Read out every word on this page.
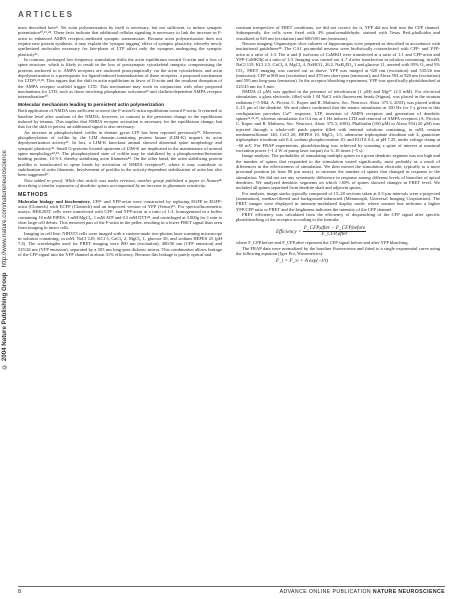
ARTICLES
© 2004 Nature Publishing Group   http://www.nature.com/natureneuroscience

nism described here⁴. Yet actin polymerization by itself is necessary, but not sufficient, to induce synaptic potentiation¹⁰,¹⁵,²⁴. These facts indicate that additional cellular signaling is necessary to link the increase in F-actin to enhanced AMPA receptor–mediated synaptic transmission. Because actin polymerization does not require new protein synthesis, it may explain the 'synapse tagging' effect of synaptic plasticity, whereby newly synthesized molecules necessary for late-phase of LTP affect only the synapses undergoing the synaptic plasticity³⁶.

In contrast, prolonged low-frequency stimulation shifts the actin equilibrium toward G-actin and a loss of spine structure, which is likely to result in the loss of postsynaptic cytoskeletal integrity, compromising the proteins anchored to it. AMPA receptors are anchored postsynaptically via the actin cytoskeleton, and actin depolymerization is a prerequisite for ligand-induced internalization of these receptors, a proposed mechanism for LTD²⁹,²¹,³⁸. This argues that the shift in actin equilibrium in favor of G-actin and the resultant disruption of the AMPA receptor scaffold trigger LTD. This mechanism may work in conjunction with other proposed mechanisms for LTD, such as those involving phosphatase activation³⁹ and clathrin-dependent AMPA receptor internalization⁴⁰.

Molecular mechanism leading to persistent actin polymerization

Both application of NMDA was sufficient to move the F-actin/G-actin equilibrium toward F-actin. It returned to baseline level after washout of the NMDA, however, in contrast to the persistent change in the equilibrium induced by tetanus. This implies that NMDA receptor activation is necessary for the equilibrium change, but that for the shift to persist, an additional signal is also necessary.

An increase in phosphorylated cofilin in dentate gyrus LTP has been reported previously¹⁸. Moreover, phosphorylation of cofilin by the LIM domain–containing protein kinase (LIM-K) impairs its actin depolymerization activity²¹. In fact, a LIM-K knockout animal showed abnormal spine morphology and synaptic plasticity⁴¹. Small G-proteins located upstream of LIM-K are implicated in the maintenance of normal spine morphology⁴²,⁴³. The phosphorylated state of cofilin may be stabilized by a phosphoserine/threonine binding protein, 14-3-3, thereby stabilizing actin filaments⁴⁴. On the other hand, the actin stabilizing protein profilin is translocated to spine heads by activation of NMDA receptors⁴⁵, where it may contribute to stabilization of actin filaments. Involvement of profilin in the activity-dependent stabilization of actin has also been suggested¹⁷.

Note added in proof: While this article was under revision, another group published a paper in Nature⁴⁶ describing a similar expansion of dendritic spines accompanied by an increase in glutamate sensitivity.

METHODS

Molecular biology and biochemistry. CFP- and YFP-actin were constructed by replacing EGFP in EGFP-actin (Clontech) with ECFP (Clontech) and an improved version of YFP (Venus)⁴⁷. For spectrofluorometric assays, HEK293T cells were transfected with CFP- and YFP-actin at a ratio of 1:3, homogenized in a buffer containing 10 mM PIPES, 1 mM MgCl₂, 1 mM ATP and 0.5 mM DTT⁴⁸, and centrifuged at 3,000g for 1 min to clear large cell debris. This removed part of the F-actin in the pellet, resulting in a lower FRET signal than seen from imaging in intact cells.

Imaging in cell line. NIH3T3 cells were imaged with a custom-made two-photon laser scanning microscope in solution containing, in mM, NaCl 129, KCl 5, CaCl₂ 2, MgCl₂ 1, glucose 30, and sodium HEPES 25 (pH 7.4). The wavelengths used for FRET imaging were 800 nm (excitation), 480/30 nm (CFP emission) and 535/26 nm (YFP emission), separated by a 505 nm long-pass dichroic mirror. This combination allows leakage of the CFP signal into the YFP channel at about 31% efficiency. Because this leakage is purely optical and

constant irrespective of FRET conditions, we did not correct for it. YFP did not leak into the CFP channel. Subsequently, the cells were fixed with 4% paraformaldehyde, stained with Texas Red–phalloidin and visualized at 920 nm (excitation) and 600/100 nm (emission).

Neuron imaging. Organotypic slice cultures of hippocampus were prepared as described in accordance with institutional guidelines⁴⁸. The CA1 pyramidal neurons were biolistically cotransfected with CFP- and YFP-actin at a ratio of 1:3. The α and β isoforms of CaMKII were transfected at a ratio of 1:1 and CFP-actin and YFP-CaMKIIβ at a ratio of 1:3. Imaging was carried out 4–7 d after transfection in solution containing, in mM, NaCl 119, KCl 2.5, CaCl₂ 4, MgCl₂ 4, NaHCO₃ 26.2, NaH₂PO₄ 1 and glucose 11, aerated with 95% O₂ and 5% CO₂. FRET imaging was carried out as above. YFP was imaged at 920 nm (excitation) and 535/26 nm (emission); CFP at 800 nm (excitation) and 470 nm short-pass (emission); and Alexa 594 at 920 nm (excitation) and 595 nm long-pass (emission). In the acceptor bleaching experiment, YFP was specifically photobleached at 525/45 nm for 3 min.

NMDA (2 μM) was applied in the presence of tetrodotoxin (1 μM) and Mg²⁺ (2.5 mM). For electrical stimulation, a glass electrode, filled with 1 M NaCl with fluorescent beads (Sigma), was placed in the stratum radiatum (~5 MΩ; A. Piccini, C. Kopec and R. Malinow, Soc. Neurosci. Abstr. 375.3, 2003), was placed within 5–15 μm of the dendrite. We and others confirmed that the tetanic stimulation at 100 Hz for 1 s given in this configuration provokes Ca²⁺ response, LTP, insertion of AMPA receptors and generation of dendritic spines¹³,²⁵,⁴⁹, whereas stimulation for 0.4 ms at 1 Hz induces LTD and removal of AMPA receptors (A. Piccini, C. Kopec and R. Malinow, Soc. Neurosci. Abstr. 375.3, 2003). Phalloidin (100 μM) or Alexa 594 (20 μM) was injected through a whole-cell patch pipette filled with internal solutions containing, in mM, cesium methanesulfonate 140, CsCl 20, HEPES 10, MgCl₂ 1.5, adenosine triphosphate disodium salt 4, guanosine triphosphate trisodium salt 0.4, sodium phosphocreatine 10, and EGTA 0.4, at pH 7.25, under voltage clamp at −60 mV. For FRAP experiments, photobleaching was achieved by scanning a spine of interest at maximal excitation power (~1.4 W of pump laser output) for 5–10 times (~5 s).

Image analysis. The probability of stimulating multiple spines in a given dendritic segment was not high and the number of spines that responded to the stimulation varied significantly, most probably as a result of differences in the effectiveness of stimulation. We then moved the stimulation electrode, typically to a more proximal position (at least 80 μm away), to increase the number of spines that changed in response to the stimulation. We did not see any systematic difference in response among different levels of branches of apical dendrites. We analyzed dendritic segments on which >40% of spines showed changes in FRET level. We included all spines separated from dendrite shaft and adjacent spines.

For analysis, image stacks typically composed of 15–20 sections taken at 0.5-μm intervals were z-projected (summation), median-filtered and background-subtracted (Metamorph, Universal Imaging Corporation). The FRET images were displayed in intensity-modulated display mode, where warmer hue indicates a higher YFP/CFP ratio or FRET and the brightness indicates the intensity of the CFP channel.

FRET efficiency was calculated from the efficiency of dequenching of the CFP signal after specific photobleaching of the acceptor according to the formula:

Efficiency = $\frac{\text{F\_CFP,after − F\_CFP,before}}{\text{F\_CFP,after}}$

where F_CFP,before and F_CFP,after represent the CFP signal before and after YFP bleaching.

The FRAP data were normalized by the baseline fluorescence and fitted to a single exponential curve using the following equation (Igor Pro, Wavemetrics):

F_t = F_∞ + A exp(−t/τ)
8	ADVANCE ONLINE PUBLICATION NATURE NEUROSCIENCE
